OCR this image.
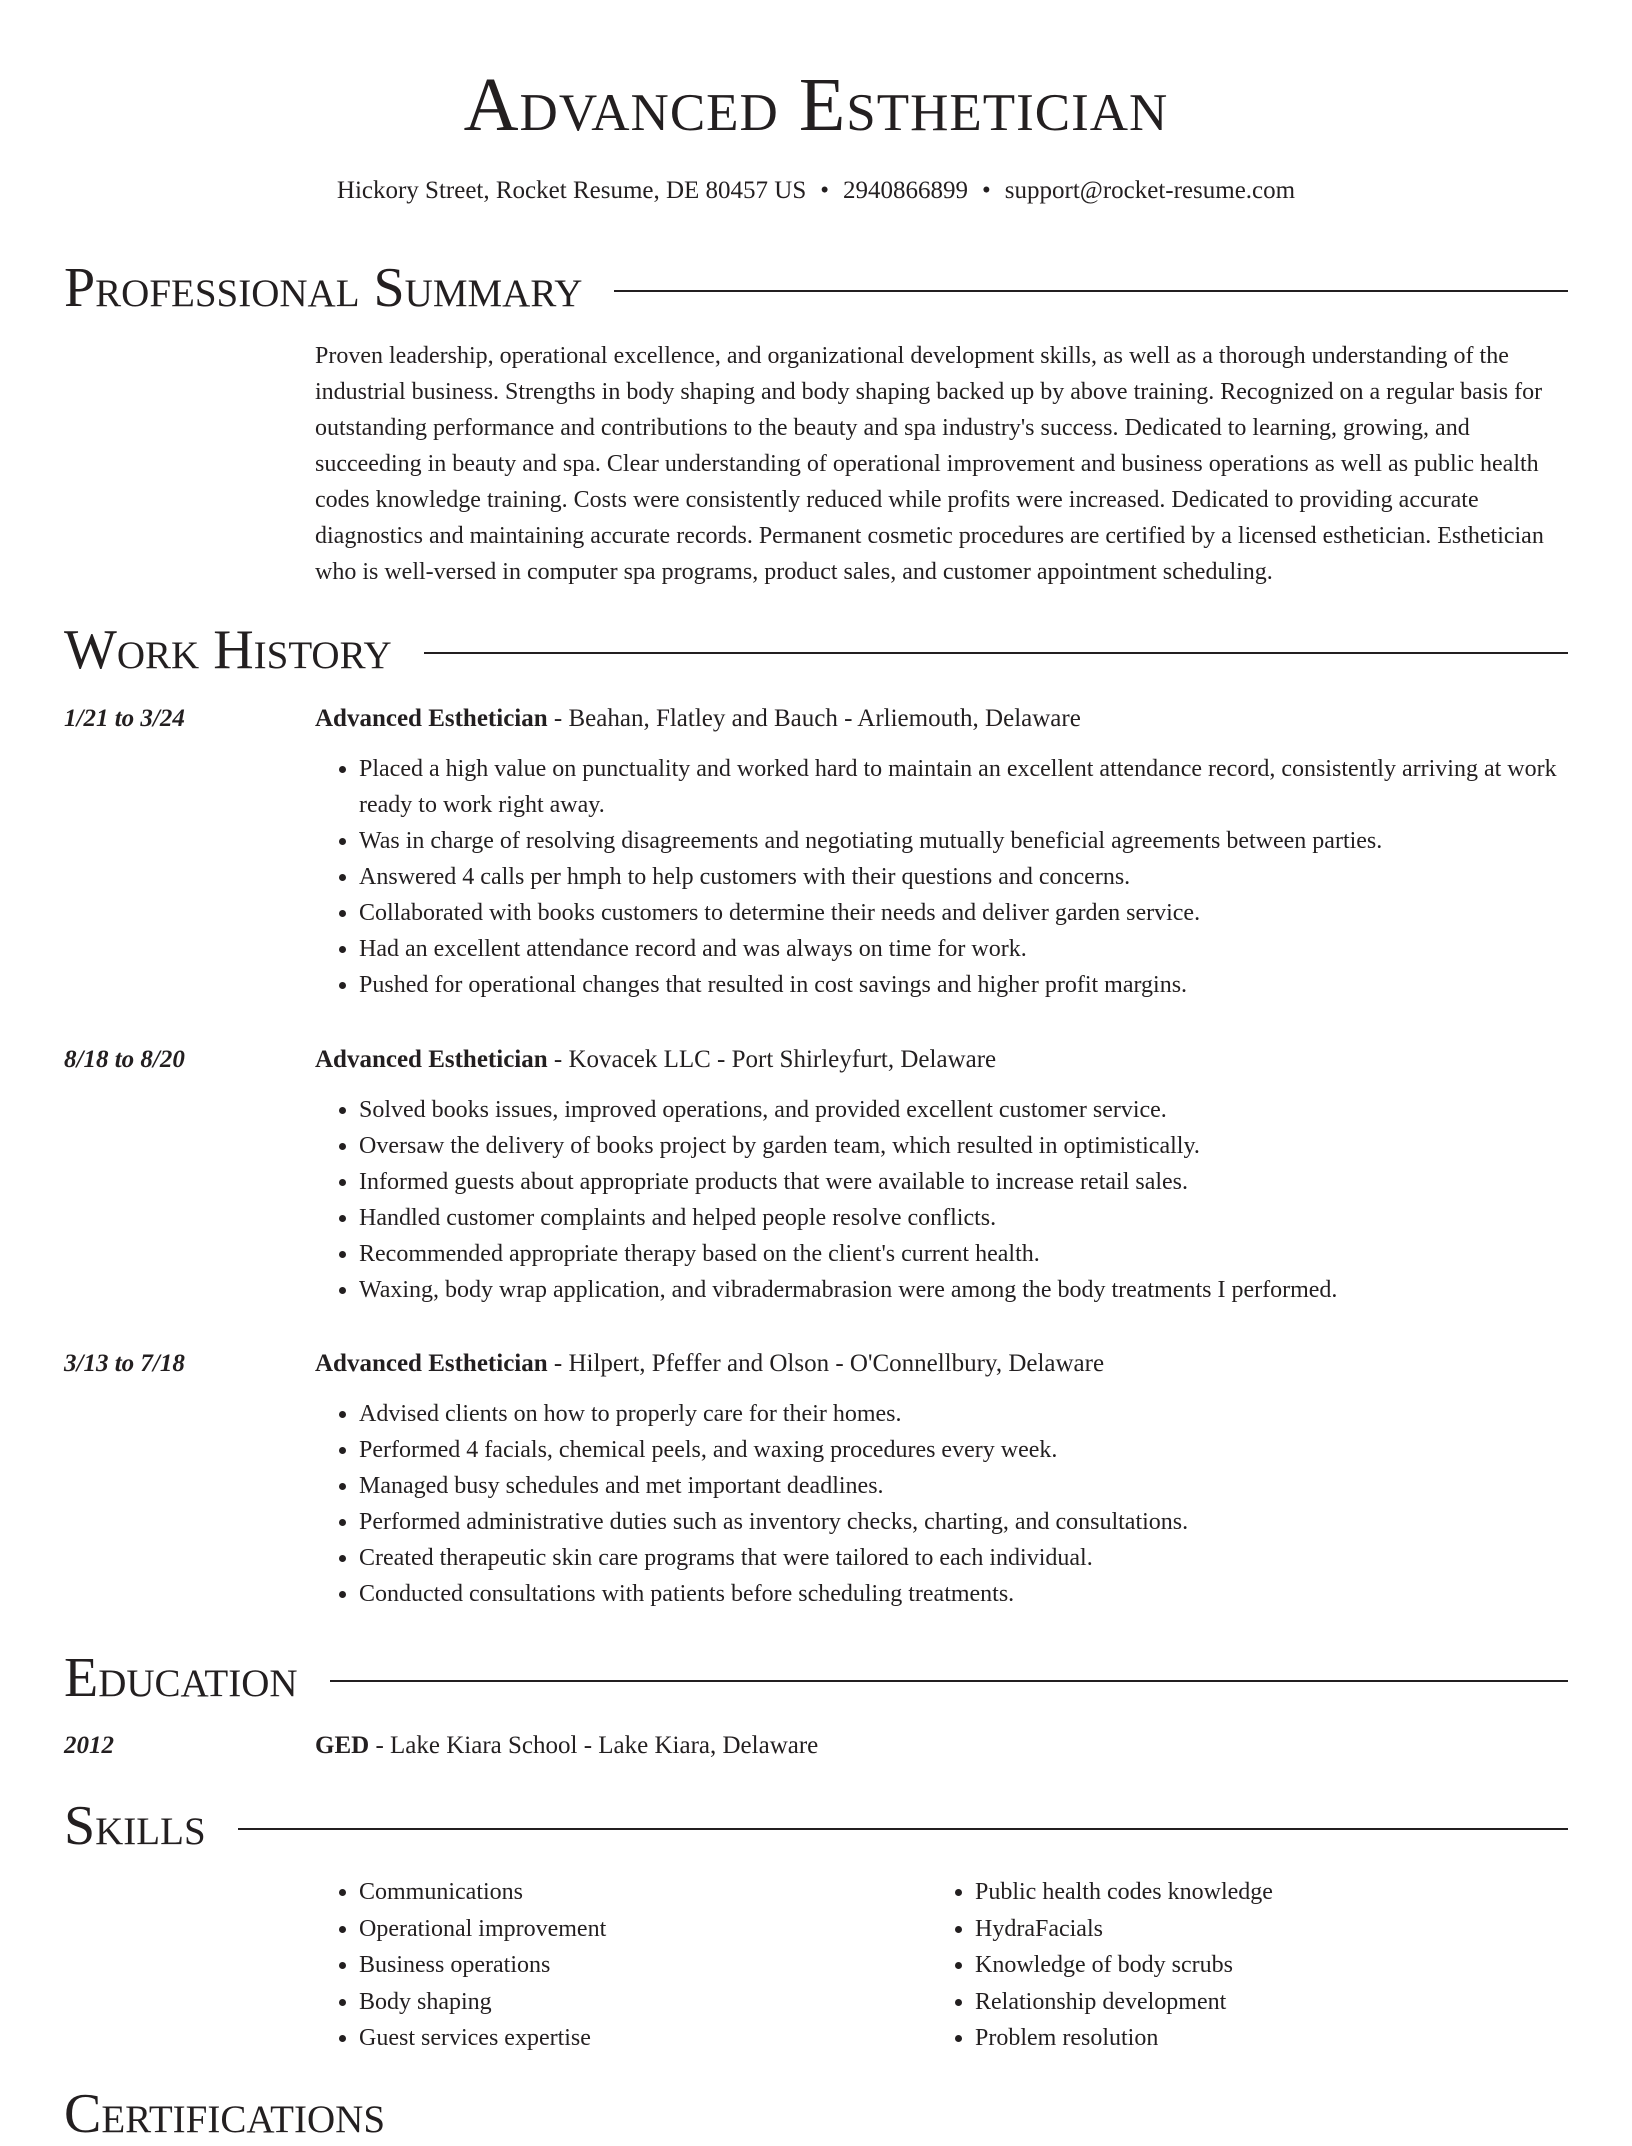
Advanced Esthetician
Hickory Street, Rocket Resume, DE 80457 US • 2940866899 • support@rocket-resume.com
Professional Summary

Proven leadership, operational excellence, and organizational development skills, as well as a thorough understanding of the industrial business. Strengths in body shaping and body shaping backed up by above training. Recognized on a regular basis for outstanding performance and contributions to the beauty and spa industry's success. Dedicated to learning, growing, and succeeding in beauty and spa. Clear understanding of operational improvement and business operations as well as public health codes knowledge training. Costs were consistently reduced while profits were increased. Dedicated to providing accurate diagnostics and maintaining accurate records. Permanent cosmetic procedures are certified by a licensed esthetician. Esthetician who is well-versed in computer spa programs, product sales, and customer appointment scheduling.

Work History
1/21 to 3/24	Advanced Esthetician - Beahan, Flatley and Bauch - Arliemouth, Delaware
• Placed a high value on punctuality and worked hard to maintain an excellent attendance record, consistently arriving at work ready to work right away.
• Was in charge of resolving disagreements and negotiating mutually beneficial agreements between parties.
• Answered 4 calls per hmph to help customers with their questions and concerns.
• Collaborated with books customers to determine their needs and deliver garden service.
• Had an excellent attendance record and was always on time for work.
• Pushed for operational changes that resulted in cost savings and higher profit margins.
8/18 to 8/20	Advanced Esthetician - Kovacek LLC - Port Shirleyfurt, Delaware
• Solved books issues, improved operations, and provided excellent customer service.
• Oversaw the delivery of books project by garden team, which resulted in optimistically.
• Informed guests about appropriate products that were available to increase retail sales.
• Handled customer complaints and helped people resolve conflicts.
• Recommended appropriate therapy based on the client's current health.
• Waxing, body wrap application, and vibradermabrasion were among the body treatments I performed.
3/13 to 7/18	Advanced Esthetician - Hilpert, Pfeffer and Olson - O'Connellbury, Delaware
• Advised clients on how to properly care for their homes.
• Performed 4 facials, chemical peels, and waxing procedures every week.
• Managed busy schedules and met important deadlines.
• Performed administrative duties such as inventory checks, charting, and consultations.
• Created therapeutic skin care programs that were tailored to each individual.
• Conducted consultations with patients before scheduling treatments.
Education
2012	GED - Lake Kiara School - Lake Kiara, Delaware
Skills
• Communications
• Operational improvement
• Business operations
• Body shaping
• Guest services expertise
• Public health codes knowledge
• HydraFacials
• Knowledge of body scrubs
• Relationship development
• Problem resolution
Certifications
